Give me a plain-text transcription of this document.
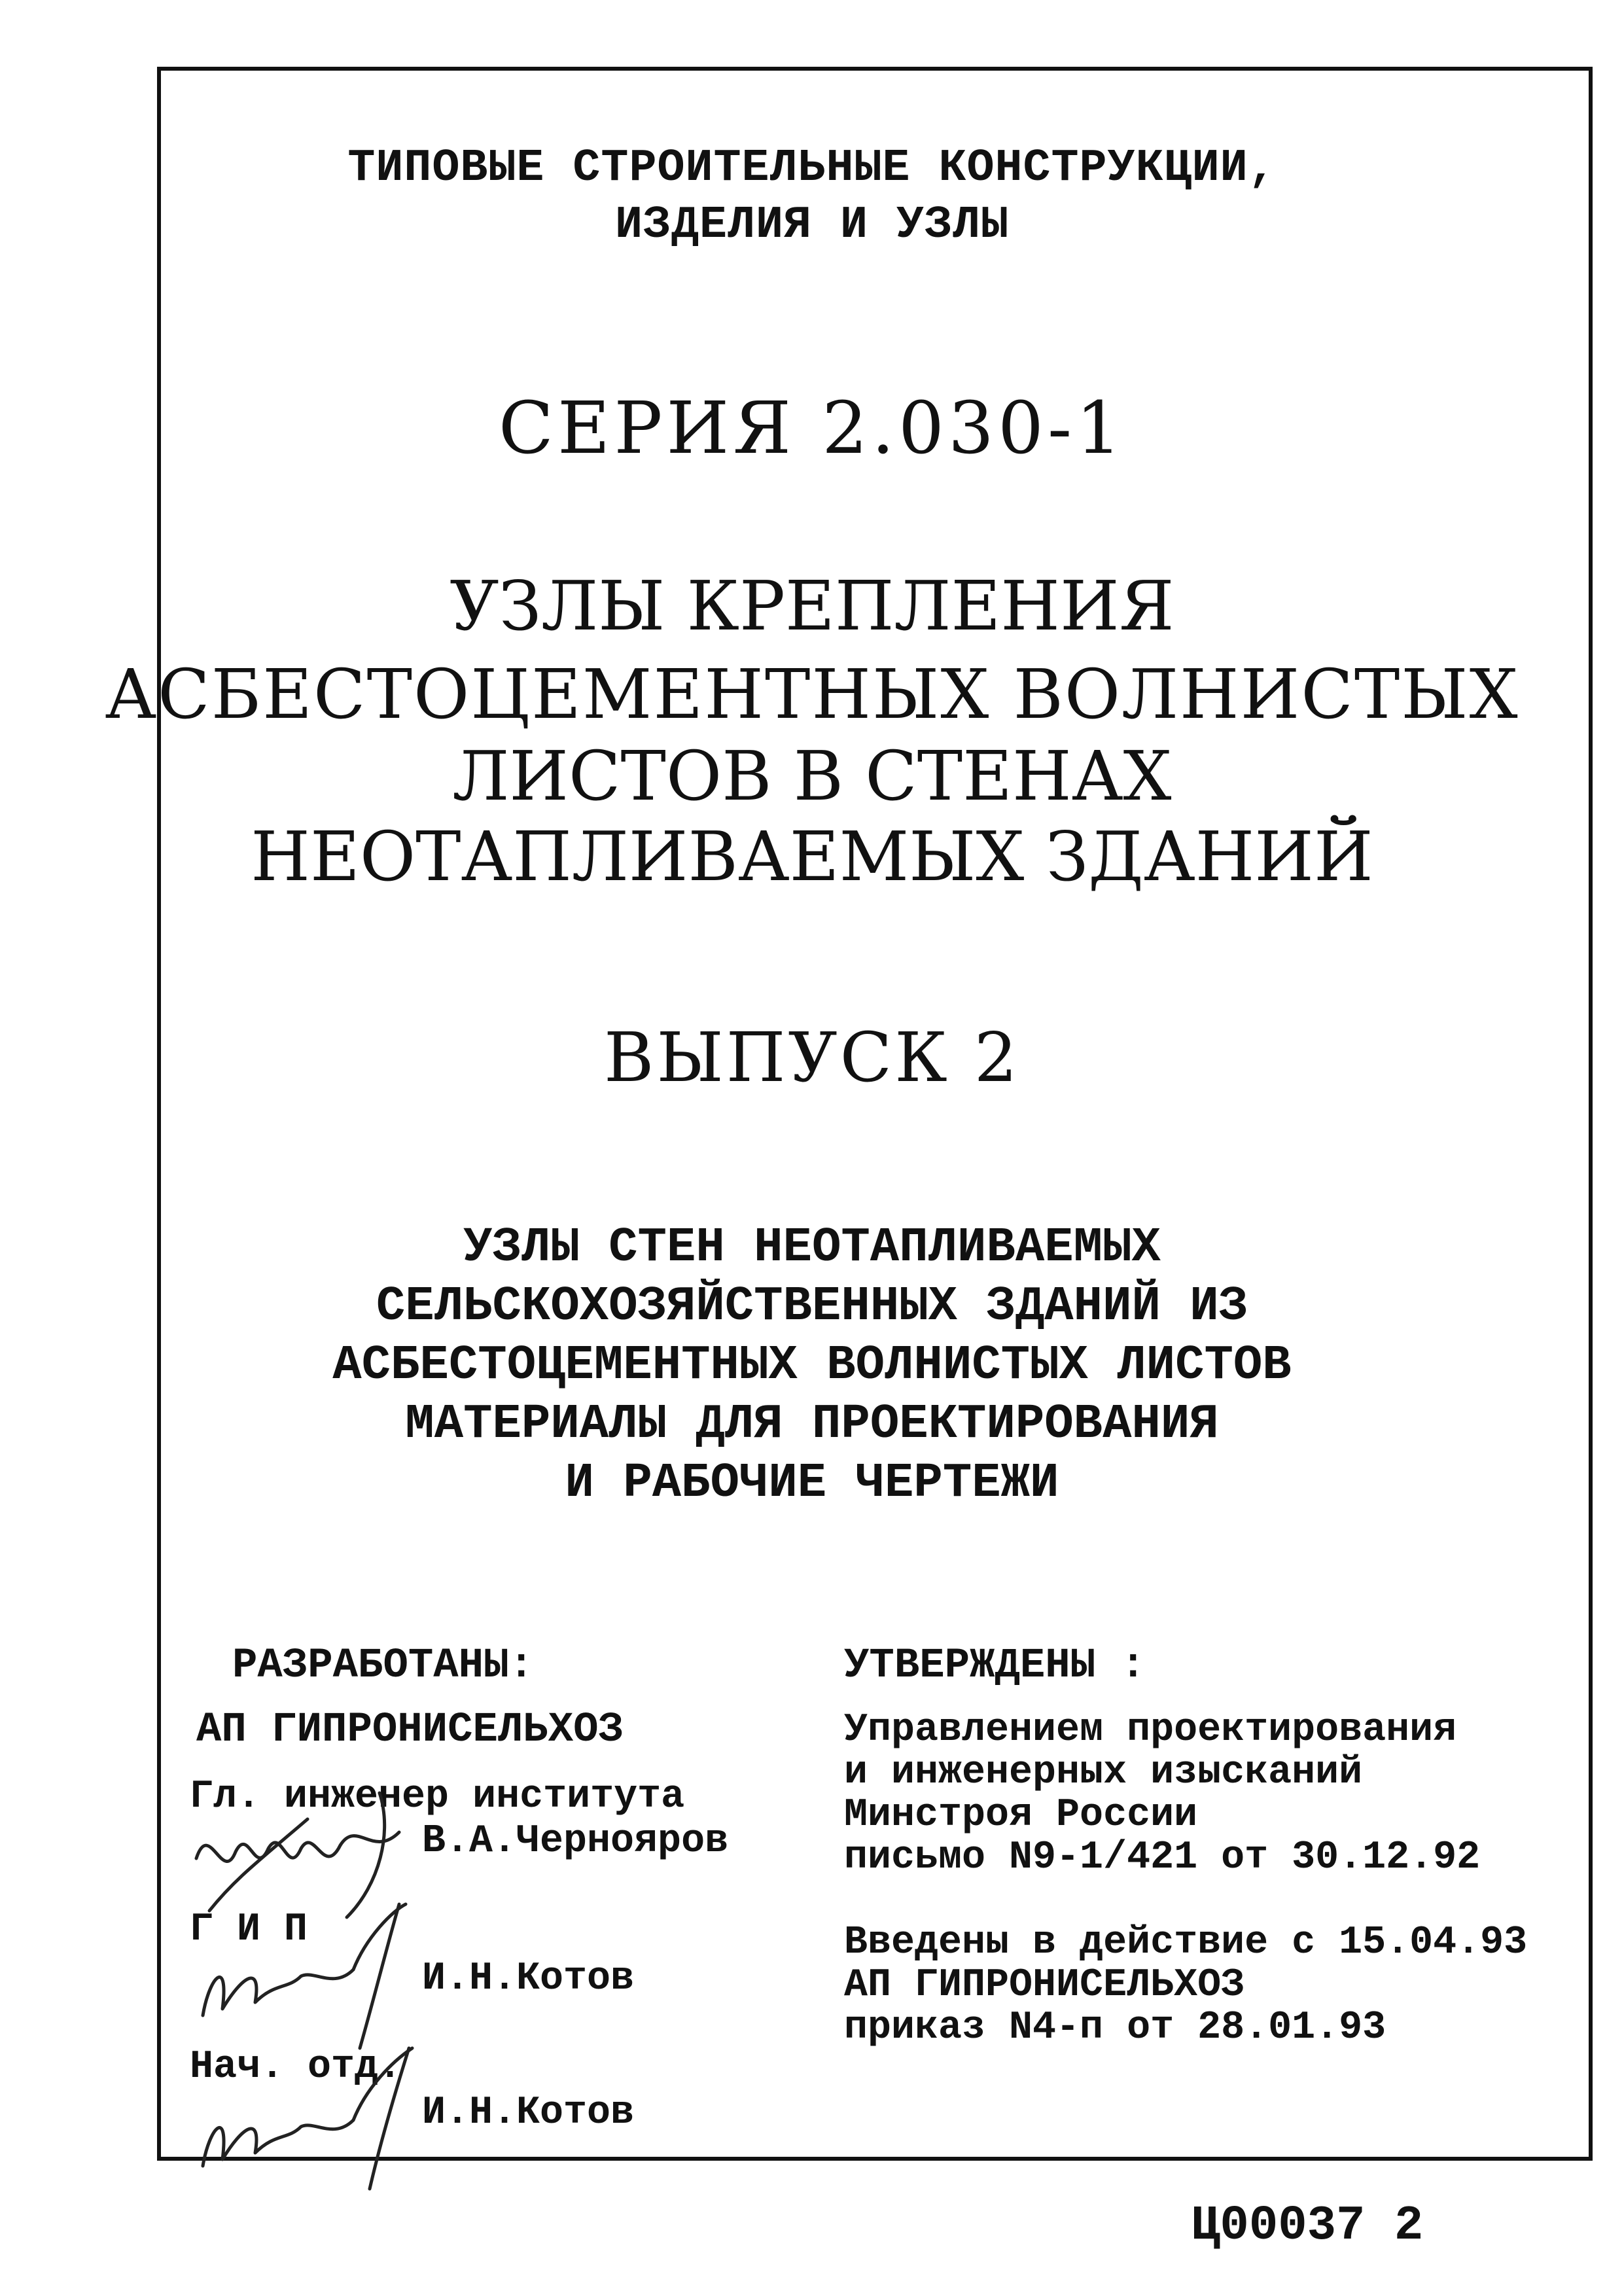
ТИПОВЫЕ СТРОИТЕЛЬНЫЕ КОНСТРУКЦИИ,
ИЗДЕЛИЯ И УЗЛЫ
СЕРИЯ 2.030-1
УЗЛЫ КРЕПЛЕНИЯ
АСБЕСТОЦЕМЕНТНЫХ ВОЛНИСТЫХ
ЛИСТОВ В СТЕНАХ
НЕОТАПЛИВАЕМЫХ ЗДАНИЙ
ВЫПУСК 2
УЗЛЫ СТЕН НЕОТАПЛИВАЕМЫХ
СЕЛЬСКОХОЗЯЙСТВЕННЫХ ЗДАНИЙ ИЗ
АСБЕСТОЦЕМЕНТНЫХ ВОЛНИСТЫХ ЛИСТОВ
МАТЕРИАЛЫ ДЛЯ ПРОЕКТИРОВАНИЯ
И РАБОЧИЕ ЧЕРТЕЖИ
РАЗРАБОТАНЫ:
АП ГИПРОНИСЕЛЬХОЗ
Гл. инженер института
В.А.Чернояров
Г И П
И.Н.Котов
Нач. отд.
И.Н.Котов
УТВЕРЖДЕНЫ :
Управлением проектирования
и инженерных изысканий
Минстроя России
письмо N9-1/421 от 30.12.92
Введены в действие с 15.04.93
АП ГИПРОНИСЕЛЬХОЗ
приказ N4-п от 28.01.93
Ц00037 2
